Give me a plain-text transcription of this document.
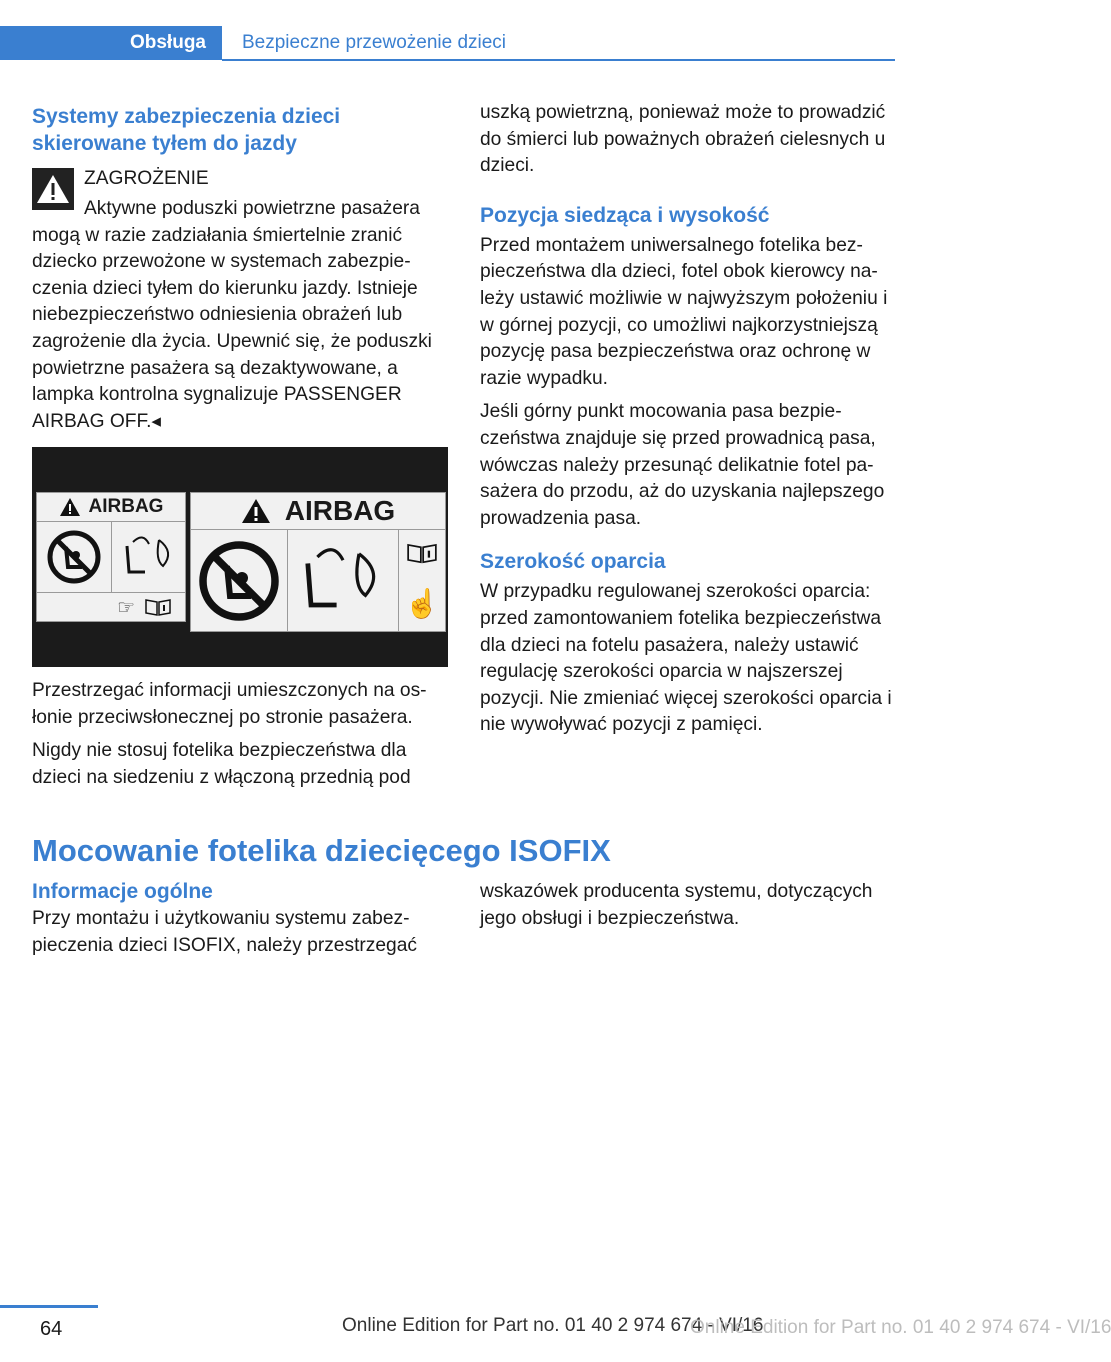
Obsługa Bezpieczne przewożenie dzieci
Systemy zabezpieczenia dzieci skierowane tyłem do jazdy
ZAGROŻENIE

Aktywne poduszki powietrzne pasażera mogą w razie zadziałania śmiertelnie zranić dziecko przewożone w systemach zabezpieczenia dzieci tyłem do kierunku jazdy. Istnieje niebezpieczeństwo odniesienia obrażeń lub zagrożenie dla życia. Upewnić się, że poduszki powietrzne pasażera są dezaktywowane, a lampka kontrolna sygnalizuje PASSENGER AIRBAG OFF.◂

AIRBAG
☞
AIRBAG
☝

Przestrzegać informacji umieszczonych na osłonie przeciwsłonecznej po stronie pasażera.

Nigdy nie stosuj fotelika bezpieczeństwa dla dzieci na siedzeniu z włączoną przednią pod

uszką powietrzną, ponieważ może to prowadzić do śmierci lub poważnych obrażeń cielesnych u dzieci.

Pozycja siedząca i wysokość

Przed montażem uniwersalnego fotelika bezpieczeństwa dla dzieci, fotel obok kierowcy należy ustawić możliwie w najwyższym położeniu i w górnej pozycji, co umożliwi najkorzystniejszą pozycję pasa bezpieczeństwa oraz ochronę w razie wypadku.

Jeśli górny punkt mocowania pasa bezpieczeństwa znajduje się przed prowadnicą pasa, wówczas należy przesunąć delikatnie fotel pasażera do przodu, aż do uzyskania najlepszego prowadzenia pasa.

Szerokość oparcia

W przypadku regulowanej szerokości oparcia: przed zamontowaniem fotelika bezpieczeństwa dla dzieci na fotelu pasażera, należy ustawić regulację szerokości oparcia w najszerszej pozycji. Nie zmieniać więcej szerokości oparcia i nie wywoływać pozycji z pamięci.

Mocowanie fotelika dziecięcego ISOFIX
Informacje ogólne
Przy montażu i użytkowaniu systemu zabezpieczenia dzieci ISOFIX, należy przestrzegać
wskazówek producenta systemu, dotyczących jego obsługi i bezpieczeństwa.
64	Online Edition for Part no. 01 40 2 974 674 - VI/16
Online Edition for Part no. 01 40 2 974 674 - VI/16
